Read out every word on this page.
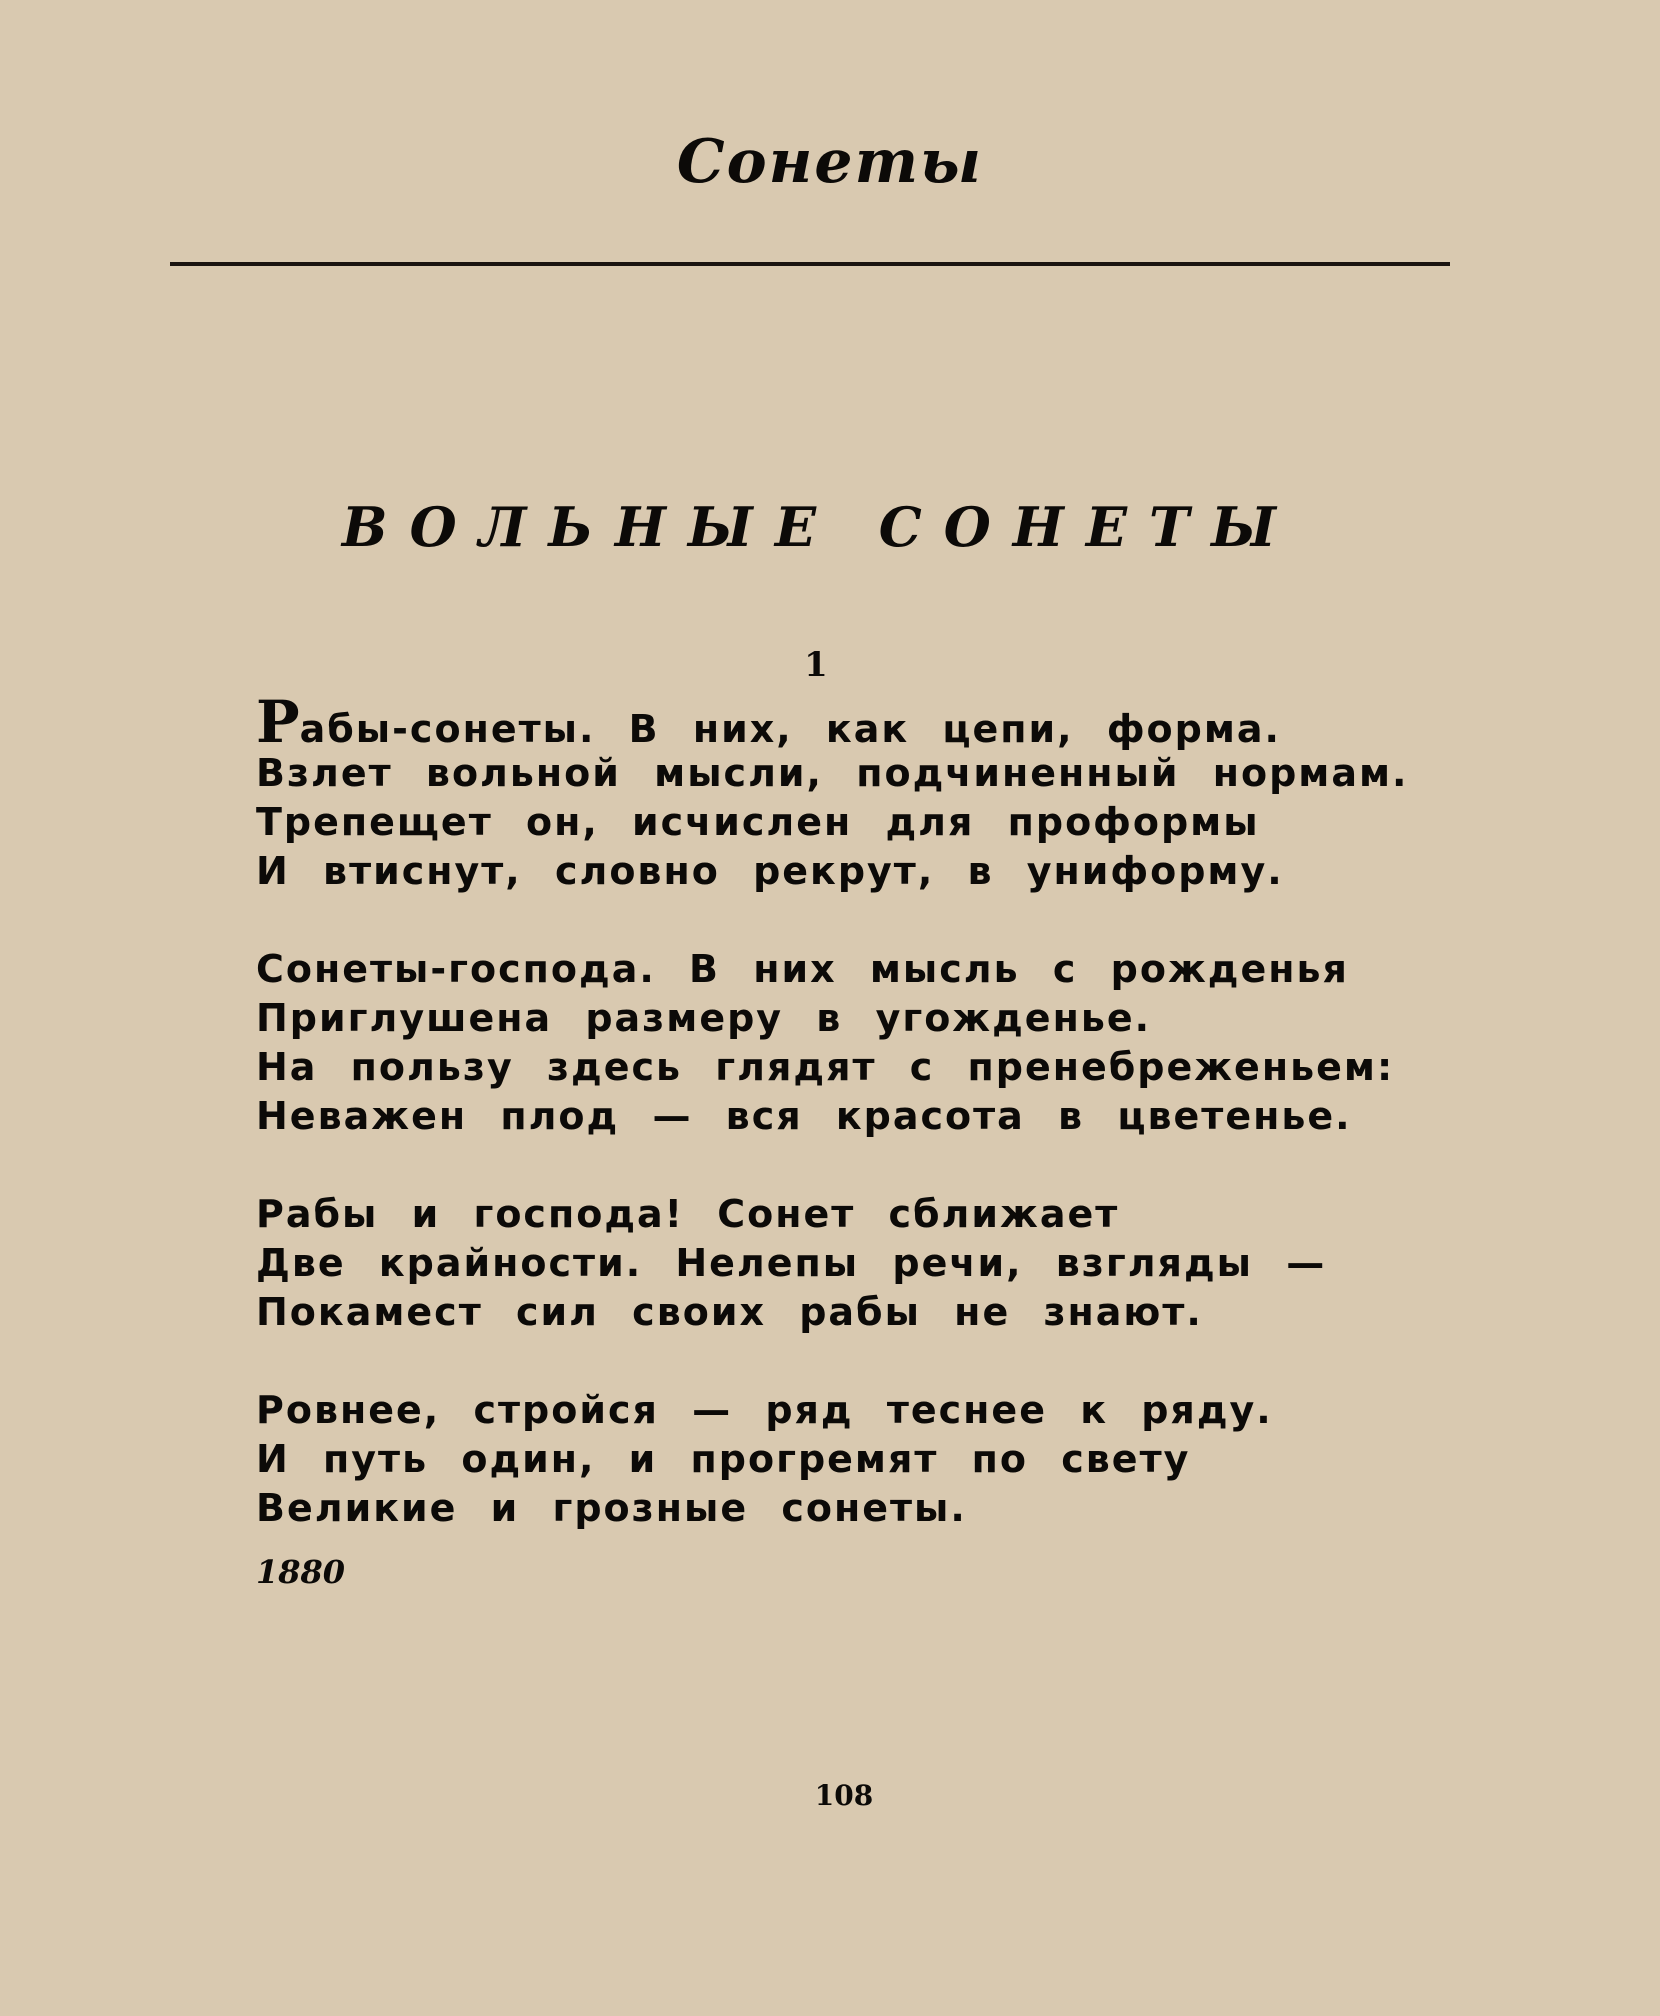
Сонеты
ВОЛЬНЫЕ СОНЕТЫ
1
Рабы-сонеты. В них, как цепи, форма.
Взлет вольной мысли, подчиненный нормам.
Трепещет он, исчислен для проформы
И втиснут, словно рекрут, в униформу.
Сонеты-господа. В них мысль с рожденья
Приглушена размеру в угожденье.
На пользу здесь глядят с пренебреженьем:
Неважен плод — вся красота в цветенье.
Рабы и господа! Сонет сближает
Две крайности. Нелепы речи, взгляды —
Покамест сил своих рабы не знают.
Ровнее, стройся — ряд теснее к ряду.
И путь один, и прогремят по свету
Великие и грозные сонеты.
1880
108
